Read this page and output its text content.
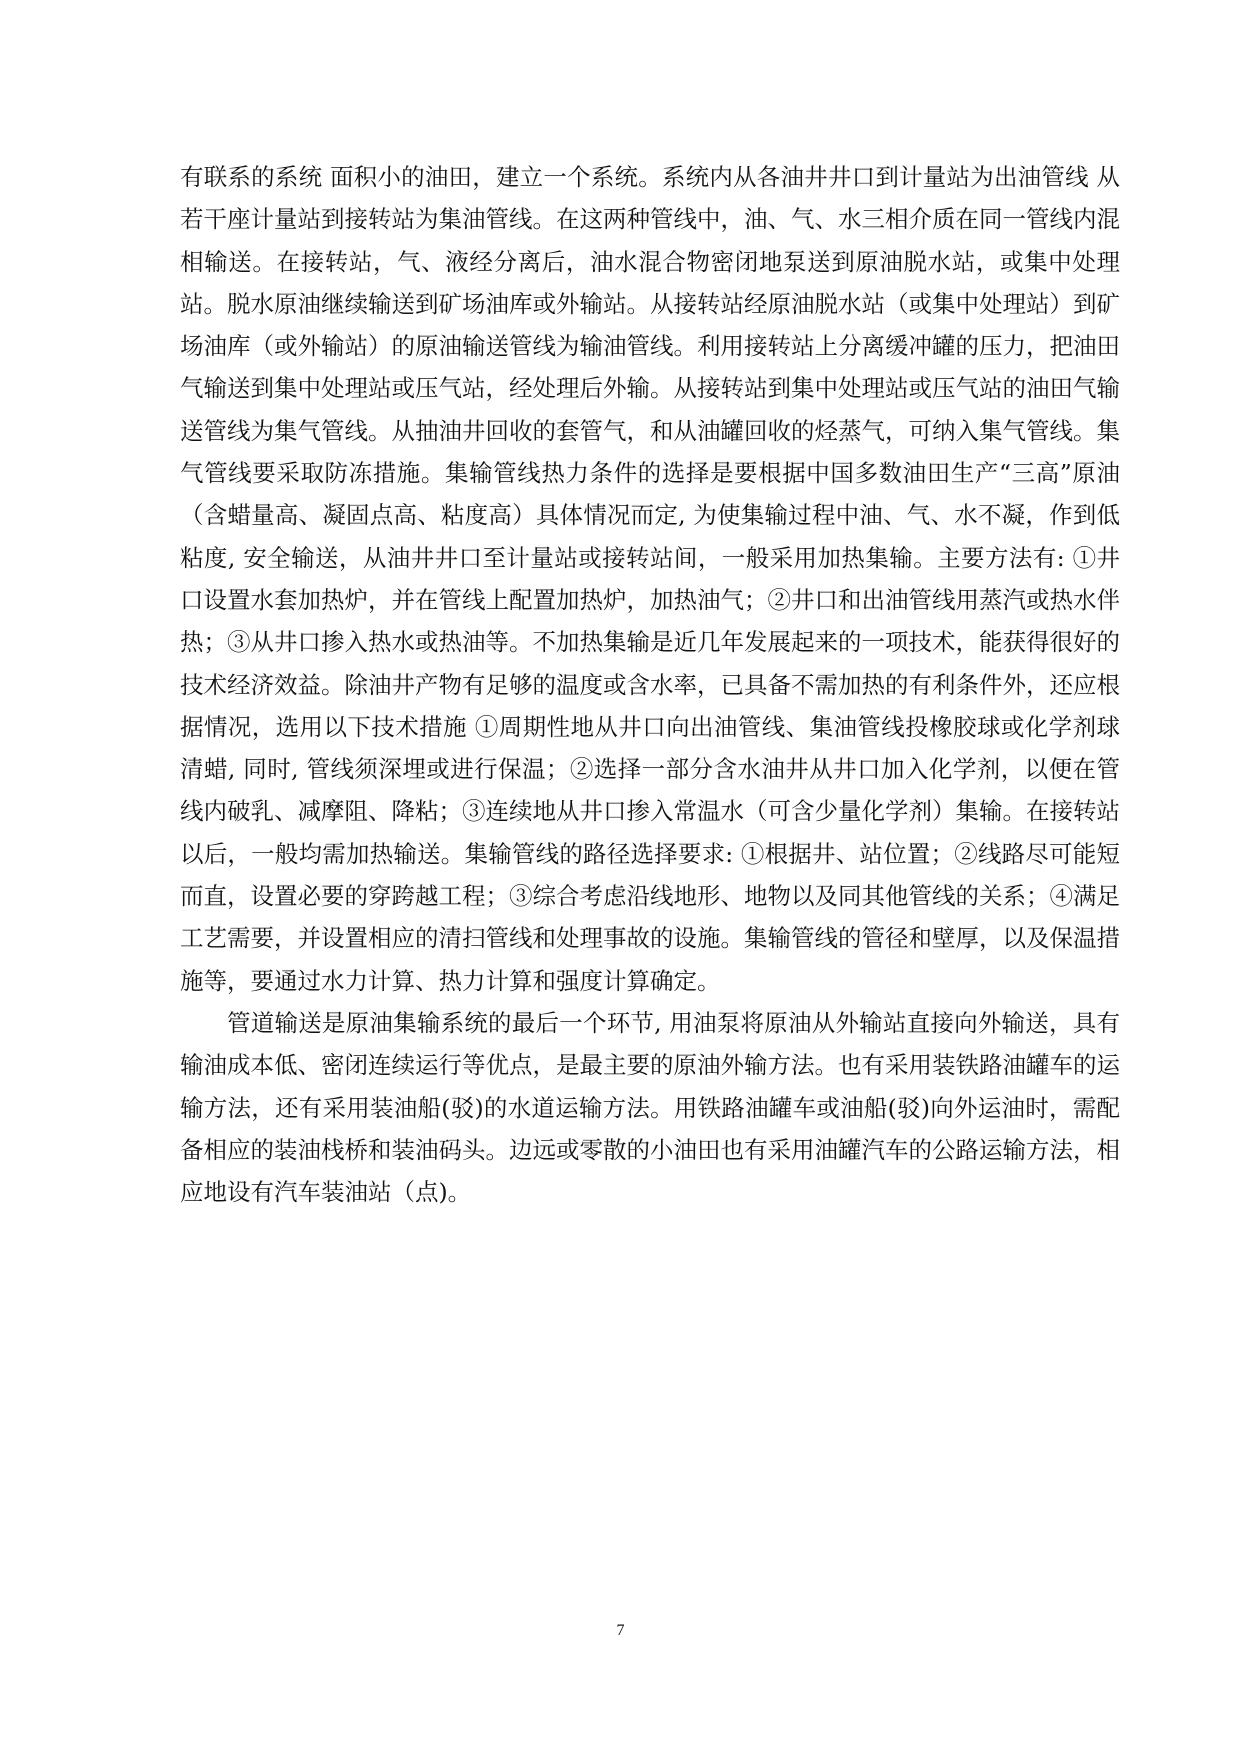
有联系的系统 面积小的油田，建立一个系统。系统内从各油井井口到计量站为出油管线 从若干座计量站到接转站为集油管线。在这两种管线中，油、气、水三相介质在同一管线内混相输送。在接转站，气、液经分离后，油水混合物密闭地泵送到原油脱水站，或集中处理站。脱水原油继续输送到矿场油库或外输站。从接转站经原油脱水站（或集中处理站）到矿场油库（或外输站）的原油输送管线为输油管线。利用接转站上分离缓冲罐的压力，把油田气输送到集中处理站或压气站，经处理后外输。从接转站到集中处理站或压气站的油田气输送管线为集气管线。从抽油井回收的套管气，和从油罐回收的烃蒸气，可纳入集气管线。集气管线要采取防冻措施。集输管线热力条件的选择是要根据中国多数油田生产“三高”原油（含蜡量高、凝固点高、粘度高）具体情况而定, 为使集输过程中油、气、水不凝，作到低粘度, 安全输送，从油井井口至计量站或接转站间，一般采用加热集输。主要方法有: ①井口设置水套加热炉，并在管线上配置加热炉，加热油气；②井口和出油管线用蒸汽或热水伴热；③从井口掺入热水或热油等。不加热集输是近几年发展起来的一项技术，能获得很好的技术经济效益。除油井产物有足够的温度或含水率，已具备不需加热的有利条件外，还应根据情况，选用以下技术措施 ①周期性地从井口向出油管线、集油管线投橡胶球或化学剂球清蜡, 同时, 管线须深埋或进行保温；②选择一部分含水油井从井口加入化学剂，以便在管线内破乳、减摩阻、降粘；③连续地从井口掺入常温水（可含少量化学剂）集输。在接转站以后，一般均需加热输送。集输管线的路径选择要求: ①根据井、站位置；②线路尽可能短而直，设置必要的穿跨越工程；③综合考虑沿线地形、地物以及同其他管线的关系；④满足工艺需要，并设置相应的清扫管线和处理事故的设施。集输管线的管径和壁厚，以及保温措施等，要通过水力计算、热力计算和强度计算确定。

管道输送是原油集输系统的最后一个环节, 用油泵将原油从外输站直接向外输送，具有输油成本低、密闭连续运行等优点，是最主要的原油外输方法。也有采用装铁路油罐车的运输方法，还有采用装油船(驳)的水道运输方法。用铁路油罐车或油船(驳)向外运油时，需配备相应的装油栈桥和装油码头。边远或零散的小油田也有采用油罐汽车的公路运输方法，相应地设有汽车装油站（点)。

7
